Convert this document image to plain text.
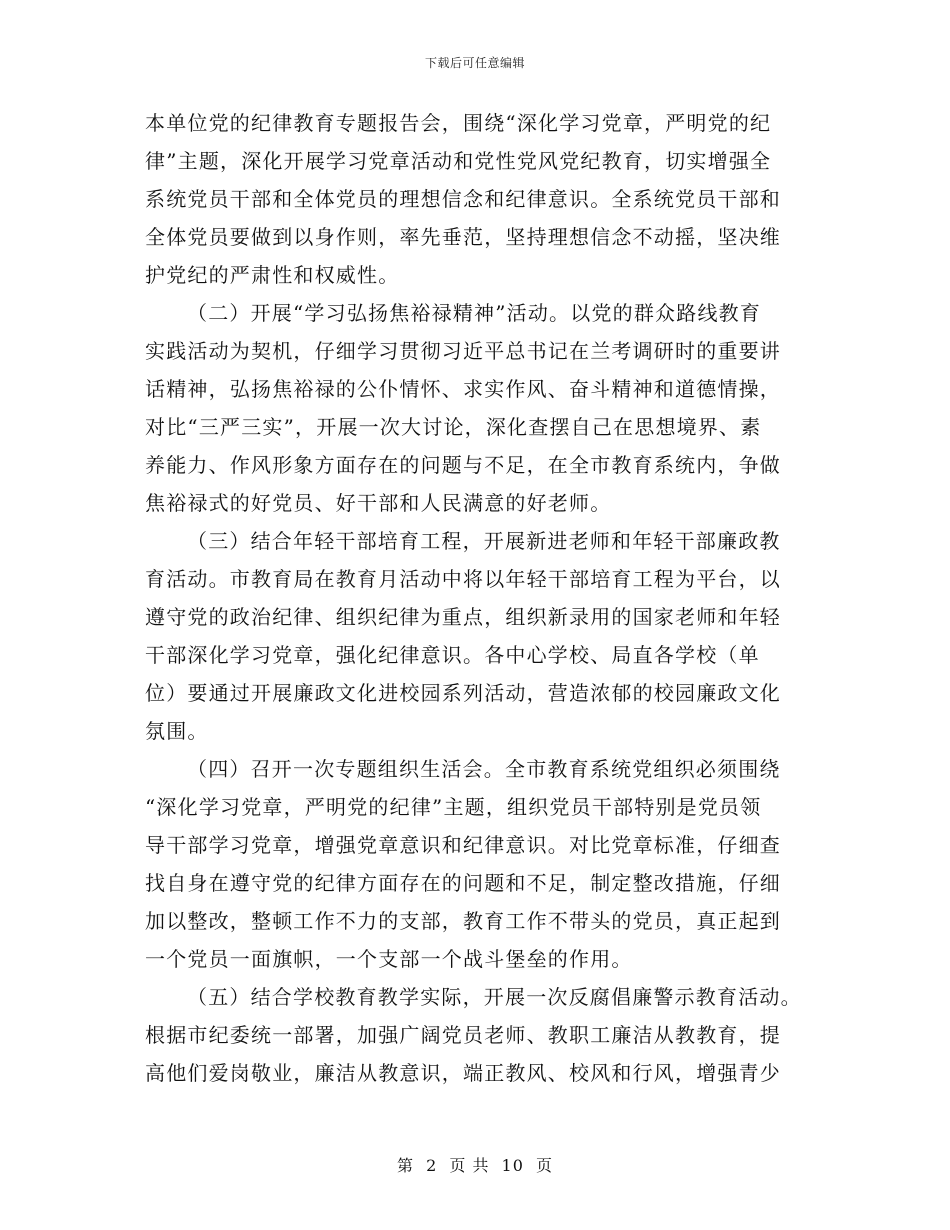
下载后可任意编辑
本单位党的纪律教育专题报告会，围绕“深化学习党章，严明党的纪
律”主题，深化开展学习党章活动和党性党风党纪教育，切实增强全
系统党员干部和全体党员的理想信念和纪律意识。全系统党员干部和
全体党员要做到以身作则，率先垂范，坚持理想信念不动摇，坚决维
护党纪的严肃性和权威性。
（二）开展“学习弘扬焦裕禄精神”活动。以党的群众路线教育
实践活动为契机，仔细学习贯彻习近平总书记在兰考调研时的重要讲
话精神，弘扬焦裕禄的公仆情怀、求实作风、奋斗精神和道德情操，
对比“三严三实”，开展一次大讨论，深化查摆自己在思想境界、素
养能力、作风形象方面存在的问题与不足，在全市教育系统内，争做
焦裕禄式的好党员、好干部和人民满意的好老师。
（三）结合年轻干部培育工程，开展新进老师和年轻干部廉政教
育活动。市教育局在教育月活动中将以年轻干部培育工程为平台，以
遵守党的政治纪律、组织纪律为重点，组织新录用的国家老师和年轻
干部深化学习党章，强化纪律意识。各中心学校、局直各学校（单
位）要通过开展廉政文化进校园系列活动，营造浓郁的校园廉政文化
氛围。
（四）召开一次专题组织生活会。全市教育系统党组织必须围绕
“深化学习党章，严明党的纪律”主题，组织党员干部特别是党员领
导干部学习党章，增强党章意识和纪律意识。对比党章标准，仔细查
找自身在遵守党的纪律方面存在的问题和不足，制定整改措施，仔细
加以整改，整顿工作不力的支部，教育工作不带头的党员，真正起到
一个党员一面旗帜，一个支部一个战斗堡垒的作用。
（五）结合学校教育教学实际，开展一次反腐倡廉警示教育活动。
根据市纪委统一部署，加强广阔党员老师、教职工廉洁从教教育，提
高他们爱岗敬业，廉洁从教意识，端正教风、校风和行风，增强青少
第 2 页 共 10 页
